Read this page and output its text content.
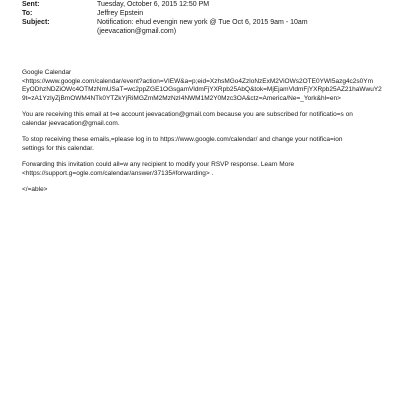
Sent:	Tuesday, October 6, 2015 12:50 PM
To:	Jeffrey Epstein
Subject:	Notification: ehud evengin new york @ Tue Oct 6, 2015 9am - 10am
(jeevacation@gmail.com)
Google Calendar
<https://www.google.com/calendar/event?action=VIEW&a=p;eid=XzhsMGo4ZzloNzExM2ViOWs2OTE0YWI5azg4c2s0Ym
EyODhzNDZiOWc4OTMzNmUSaT=wc2ppZGE1OGsgamVldmFjYXRpb25AbQ&tok=MjEjamVldmFjYXRpb25AZ21haWwuY2
9t=zA1YzIyZjBmOWM4NTk0YTZkYjRiMGZmM2MzNzI4NWM1M2Y0Mzc3OA&ctz=America/Ne=_York&hl=en>
You are receiving this email at t=e account jeevacation@gmail.com because you are subscribed for notificatio=s on
calendar jeevacation@gmail.com.
To stop receiving these emails,=please log in to https://www.google.com/calendar/ and change your notifica=ion
settings for this calendar.
Forwarding this invitation could all=w any recipient to modify your RSVP response. Learn More
<https://support.g=ogle.com/calendar/answer/37135#forwarding> .
</=able>
